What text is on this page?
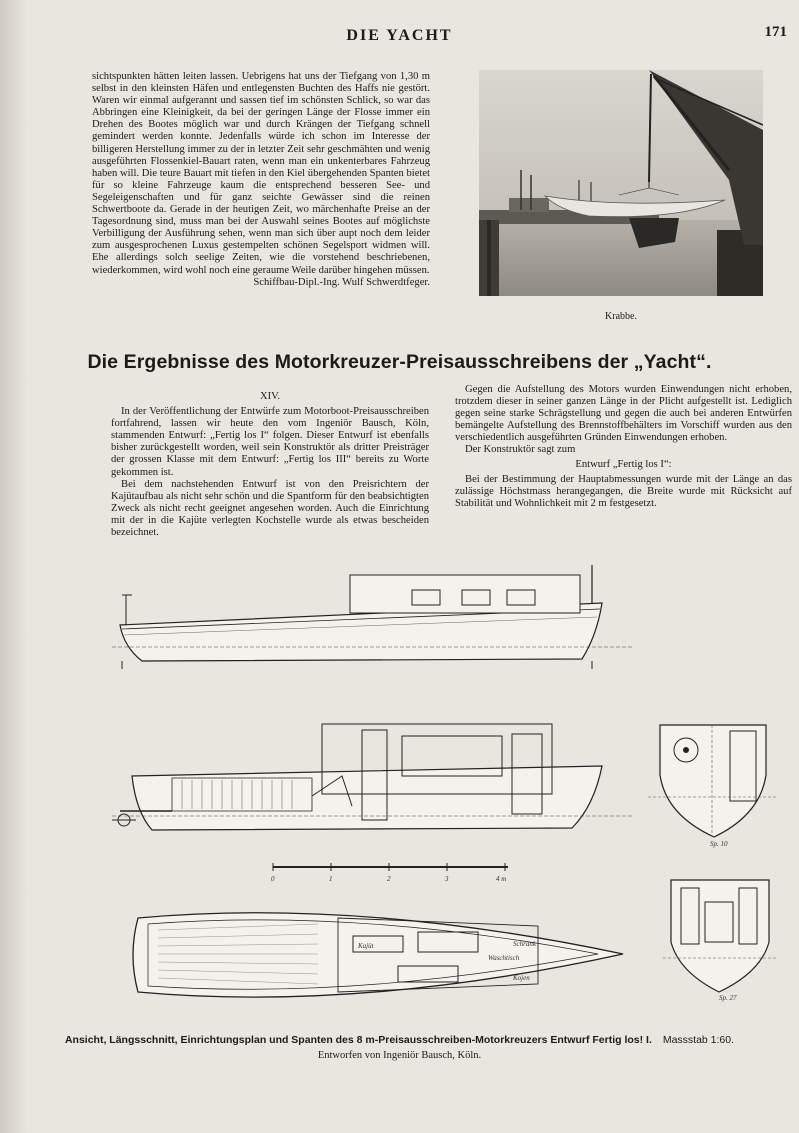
DIE YACHT	171

sichtspunkten hätten leiten lassen. Uebrigens hat uns der Tiefgang von 1,30 m selbst in den kleinsten Häfen und entlegensten Buchten des Haffs nie gestört. Waren wir einmal aufgerannt und sassen tief im schönsten Schlick, so war das Abbringen eine Kleinigkeit, da bei der geringen Länge der Flosse immer ein Drehen des Bootes möglich war und durch Krängen der Tiefgang schnell gemindert werden konnte. Jedenfalls würde ich schon im Interesse der billigeren Herstellung immer zu der in letzter Zeit sehr geschmähten und wenig ausgeführten Flossenkiel-Bauart raten, wenn man ein unkenterbares Fahrzeug haben will. Die teure Bauart mit tiefen in den Kiel übergehenden Spanten bietet für so kleine Fahrzeuge kaum die entsprechend besseren See- und Segeleigenschaften und für ganz seichte Gewässer sind die reinen Schwertboote da. Gerade in der heutigen Zeit, wo märchenhafte Preise an der Tagesordnung sind, muss man bei der Auswahl seines Bootes auf möglichste Verbilligung der Ausführung sehen, wenn man sich über aupt noch dem leider zum ausgesprochenen Luxus gestempelten schönen Segelsport widmen will. Ehe allerdings solch seelige Zeiten, wie die vorstehend beschriebenen, wiederkommen, wird wohl noch eine geraume Weile darüber hingehen müssen.

Schiffbau-Dipl.-Ing. Wulf Schwerdtfeger.
Krabbe.
Die Ergebnisse des Motorkreuzer-Preisausschreibens der „Yacht“.

XIV.

In der Veröffentlichung der Entwürfe zum Motorboot-Preisausschreiben fortfahrend, lassen wir heute den vom Ingeniör Bausch, Köln, stammenden Entwurf: „Fertig los I“ folgen. Dieser Entwurf ist ebenfalls bisher zurückgestellt worden, weil sein Konstruktör als dritter Preisträger der grossen Klasse mit dem Entwurf: „Fertig los III“ bereits zu Worte gekommen ist.

Bei dem nachstehenden Entwurf ist von den Preisrichtern der Kajütaufbau als nicht sehr schön und die Spantform für den beabsichtigten Zweck als nicht recht geeignet angesehen worden. Auch die Einrichtung mit der in die Kajüte verlegten Kochstelle wurde als etwas bescheiden bezeichnet.

Gegen die Aufstellung des Motors wurden Einwendungen nicht erhoben, trotzdem dieser in seiner ganzen Länge in der Plicht aufgestellt ist. Lediglich gegen seine starke Schrägstellung und gegen die auch bei anderen Entwürfen bemängelte Aufstellung des Brennstoffbehälters im Vorschiff wurden aus den verschiedentlich ausgeführten Gründen Einwendungen erhoben.

Der Konstruktör sagt zum

Entwurf „Fertig los I“:

Bei der Bestimmung der Hauptabmessungen wurde mit der Länge an das zulässige Höchstmass herangegangen, die Breite wurde mit Rücksicht auf Stabilität und Wohnlichkeit mit 2 m festgesetzt.

0	1	2	3	4 m
Kajüt	Schrank
Waschtisch
Kojen
Sp. 10
Sp. 27
Ansicht, Längsschnitt, Einrichtungsplan und Spanten des 8 m-Preisausschreiben-Motorkreuzers Entwurf Fertig los! I. Massstab 1:60.
Entworfen von Ingeniör Bausch, Köln.
